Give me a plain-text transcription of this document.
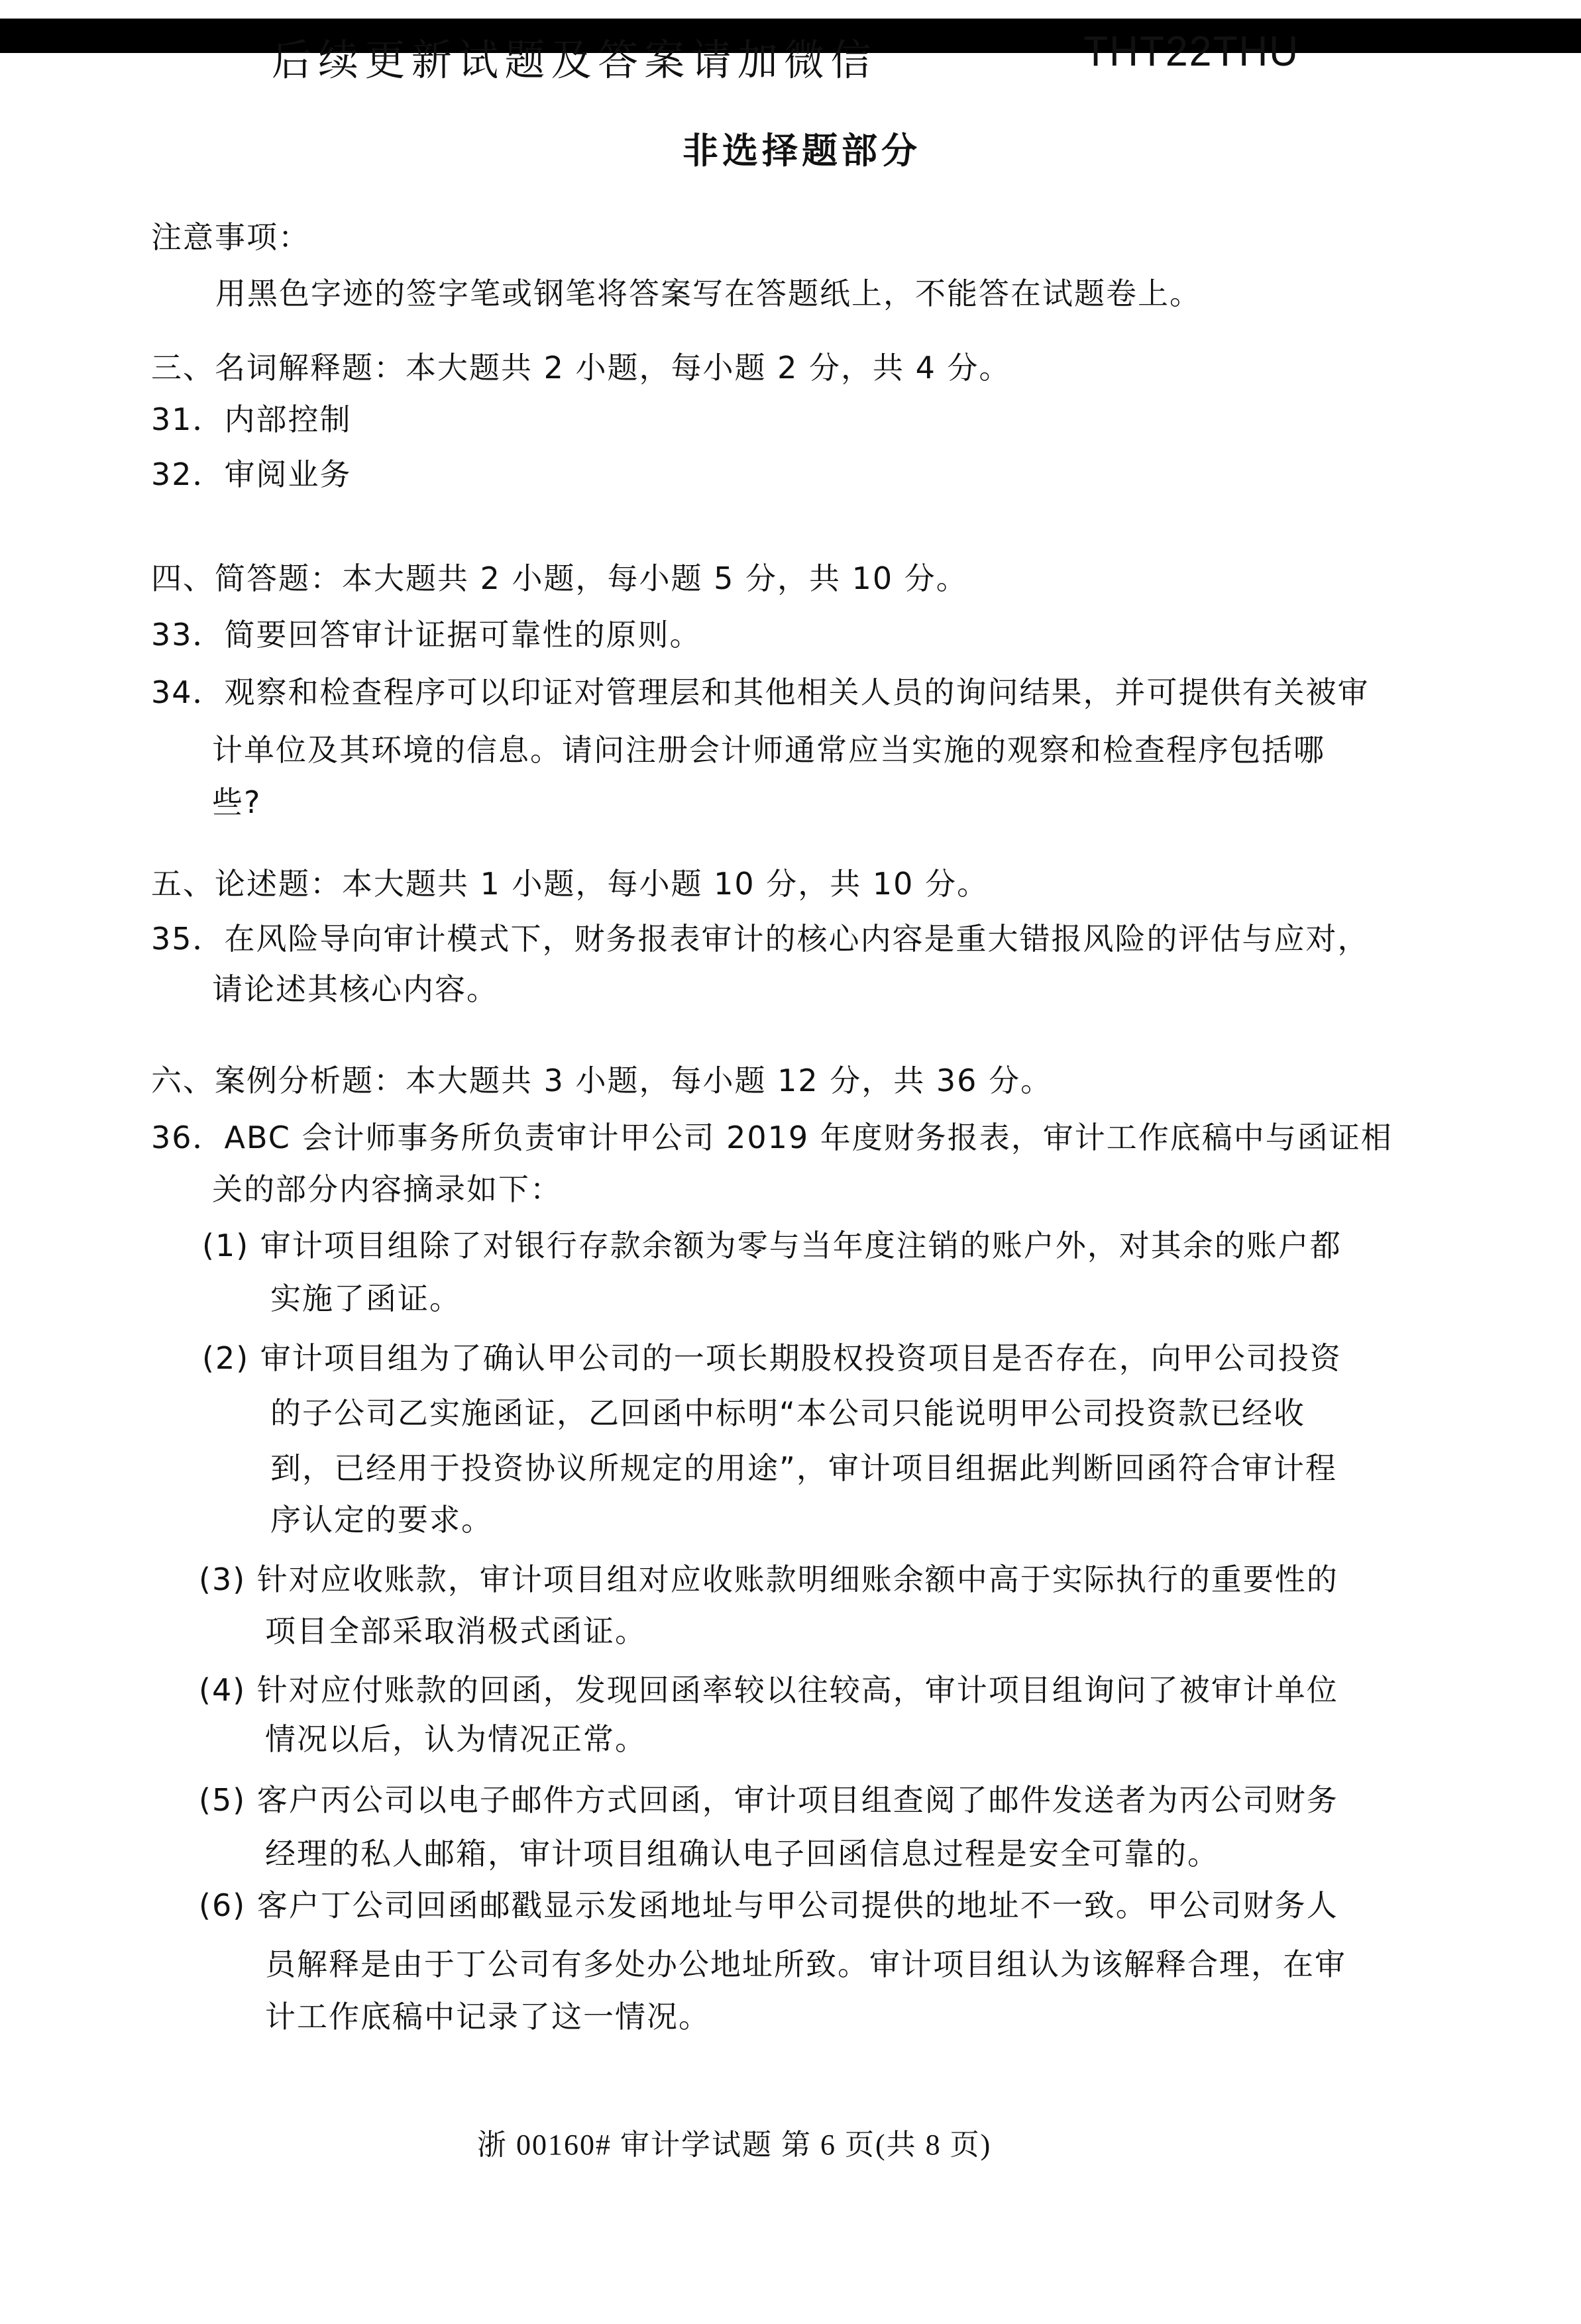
后续更新试题及答案请加微信	THT22THU
非选择题部分
注意事项：
用黑色字迹的签字笔或钢笔将答案写在答题纸上，不能答在试题卷上。
三、名词解释题：本大题共 2 小题，每小题 2 分，共 4 分。
31．内部控制
32．审阅业务
四、简答题：本大题共 2 小题，每小题 5 分，共 10 分。
33．简要回答审计证据可靠性的原则。
34．观察和检查程序可以印证对管理层和其他相关人员的询问结果，并可提供有关被审
计单位及其环境的信息。请问注册会计师通常应当实施的观察和检查程序包括哪
些?
五、论述题：本大题共 1 小题，每小题 10 分，共 10 分。
35．在风险导向审计模式下，财务报表审计的核心内容是重大错报风险的评估与应对，
请论述其核心内容。
六、案例分析题：本大题共 3 小题，每小题 12 分，共 36 分。
36．ABC 会计师事务所负责审计甲公司 2019 年度财务报表，审计工作底稿中与函证相
关的部分内容摘录如下：
(1) 审计项目组除了对银行存款余额为零与当年度注销的账户外，对其余的账户都
实施了函证。
(2) 审计项目组为了确认甲公司的一项长期股权投资项目是否存在，向甲公司投资
的子公司乙实施函证，乙回函中标明“本公司只能说明甲公司投资款已经收
到，已经用于投资协议所规定的用途”，审计项目组据此判断回函符合审计程
序认定的要求。
(3) 针对应收账款，审计项目组对应收账款明细账余额中高于实际执行的重要性的
项目全部采取消极式函证。
(4) 针对应付账款的回函，发现回函率较以往较高，审计项目组询问了被审计单位
情况以后，认为情况正常。
(5) 客户丙公司以电子邮件方式回函，审计项目组查阅了邮件发送者为丙公司财务
经理的私人邮箱，审计项目组确认电子回函信息过程是安全可靠的。
(6) 客户丁公司回函邮戳显示发函地址与甲公司提供的地址不一致。甲公司财务人
员解释是由于丁公司有多处办公地址所致。审计项目组认为该解释合理，在审
计工作底稿中记录了这一情况。
浙 00160# 审计学试题 第 6 页(共 8 页)
